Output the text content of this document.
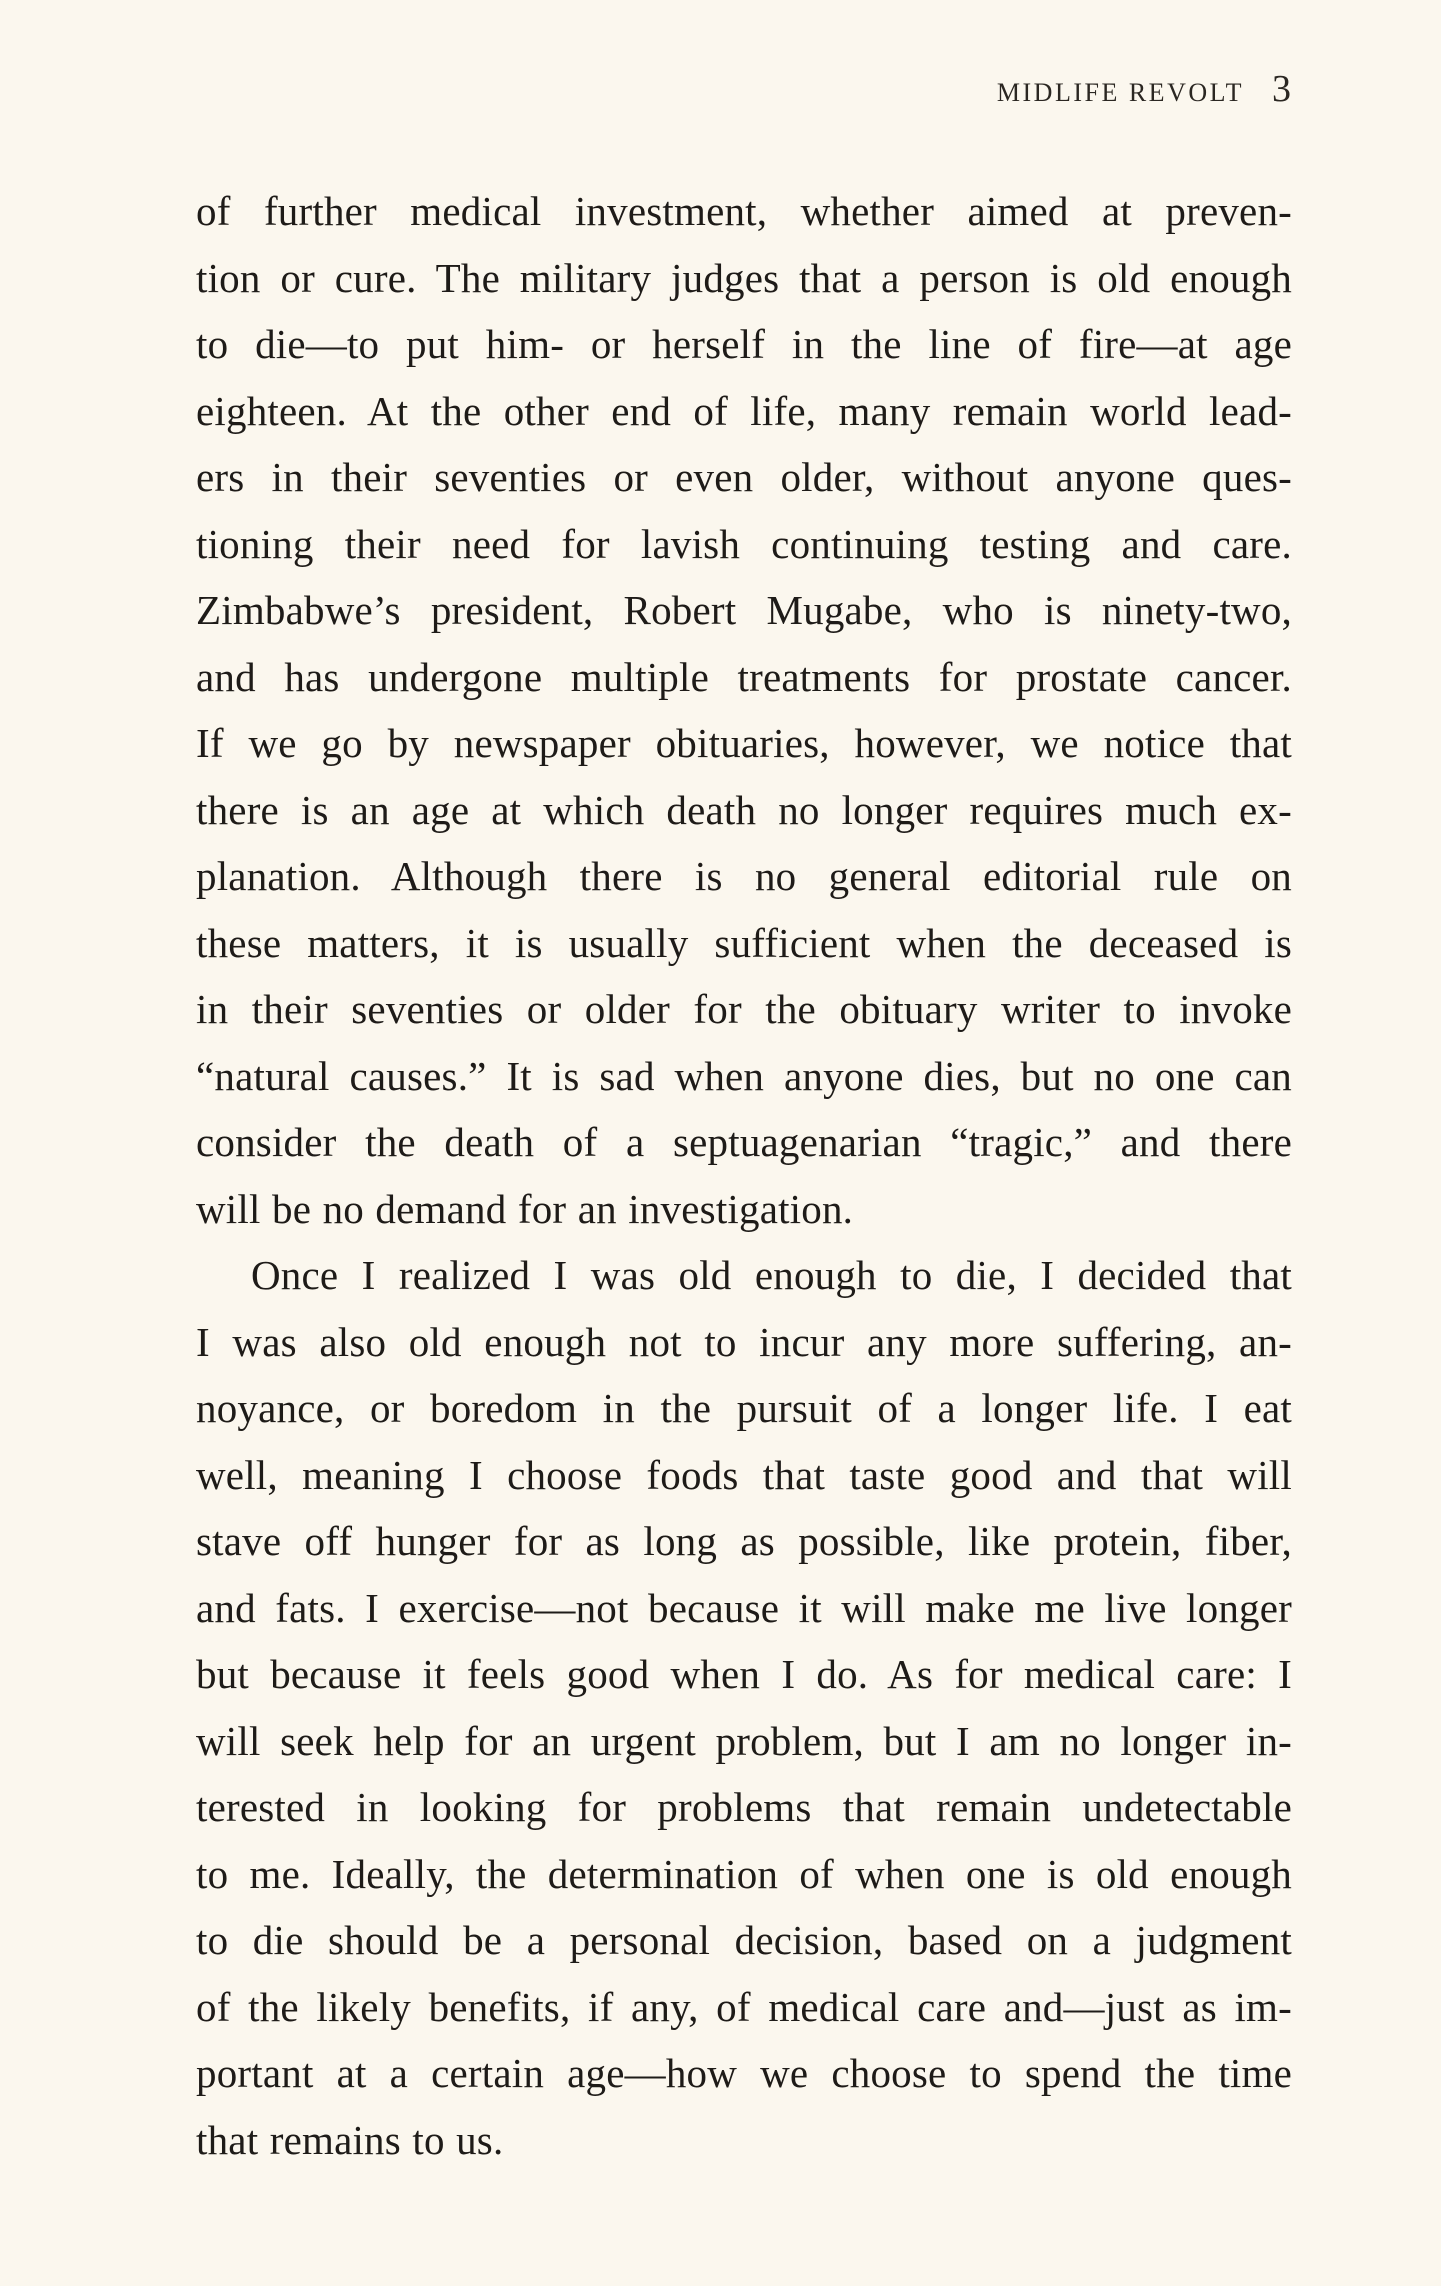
MIDLIFE REVOLT 3
of further medical investment, whether aimed at preven-
tion or cure. The military judges that a person is old enough
to die—to put him- or herself in the line of fire—at age
eighteen. At the other end of life, many remain world lead-
ers in their seventies or even older, without anyone ques-
tioning their need for lavish continuing testing and care.
Zimbabwe’s president, Robert Mugabe, who is ninety-two,
and has undergone multiple treatments for prostate cancer.
If we go by newspaper obituaries, however, we notice that
there is an age at which death no longer requires much ex-
planation. Although there is no general editorial rule on
these matters, it is usually sufficient when the deceased is
in their seventies or older for the obituary writer to invoke
“natural causes.” It is sad when anyone dies, but no one can
consider the death of a septuagenarian “tragic,” and there
will be no demand for an investigation.
Once I realized I was old enough to die, I decided that
I was also old enough not to incur any more suffering, an-
noyance, or boredom in the pursuit of a longer life. I eat
well, meaning I choose foods that taste good and that will
stave off hunger for as long as possible, like protein, fiber,
and fats. I exercise—not because it will make me live longer
but because it feels good when I do. As for medical care: I
will seek help for an urgent problem, but I am no longer in-
terested in looking for problems that remain undetectable
to me. Ideally, the determination of when one is old enough
to die should be a personal decision, based on a judgment
of the likely benefits, if any, of medical care and—just as im-
portant at a certain age—how we choose to spend the time
that remains to us.
